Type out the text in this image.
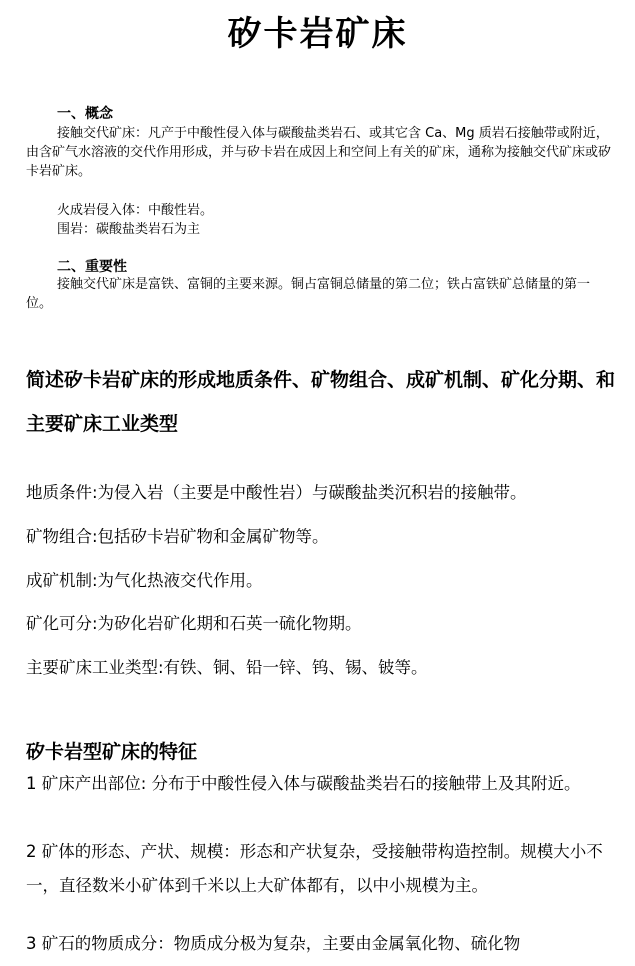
矽卡岩矿床
一、概念
接触交代矿床：凡产于中酸性侵入体与碳酸盐类岩石、或其它含 Ca、Mg 质岩石接触带或附近，由含矿气水溶液的交代作用形成，并与矽卡岩在成因上和空间上有关的矿床，通称为接触交代矿床或矽卡岩矿床。
火成岩侵入体：中酸性岩。
围岩：碳酸盐类岩石为主
二、重要性
接触交代矿床是富铁、富铜的主要来源。铜占富铜总储量的第二位；铁占富铁矿总储量的第一位。
简述矽卡岩矿床的形成地质条件、矿物组合、成矿机制、矿化分期、和主要矿床工业类型
地质条件:为侵入岩（主要是中酸性岩）与碳酸盐类沉积岩的接触带。
矿物组合:包括矽卡岩矿物和金属矿物等。
成矿机制:为气化热液交代作用。
矿化可分:为矽化岩矿化期和石英一硫化物期。
主要矿床工业类型:有铁、铜、铅一锌、钨、锡、铍等。
矽卡岩型矿床的特征
1 矿床产出部位: 分布于中酸性侵入体与碳酸盐类岩石的接触带上及其附近。
2 矿体的形态、产状、规模：形态和产状复杂，受接触带构造控制。规模大小不一，直径数米小矿体到千米以上大矿体都有，以中小规模为主。
3 矿石的物质成分：物质成分极为复杂，主要由金属氧化物、硫化物
